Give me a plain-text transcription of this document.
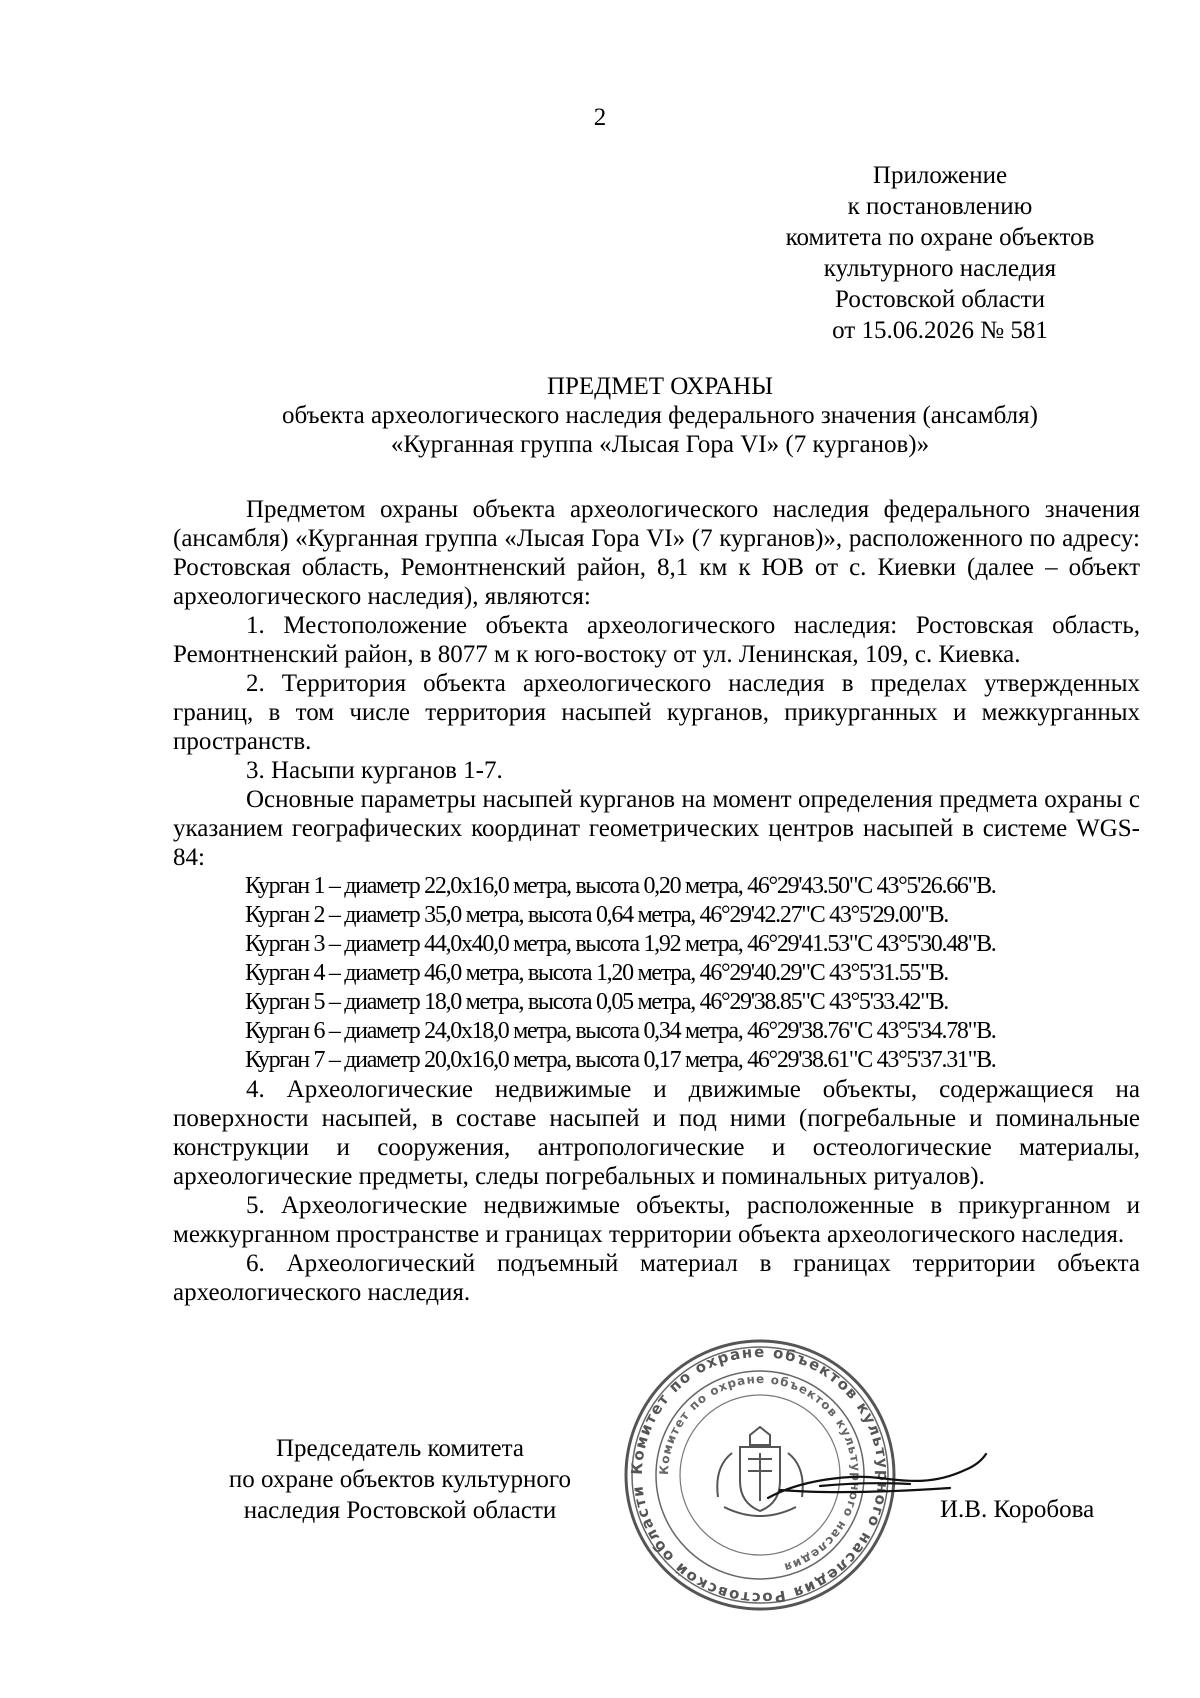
2
Приложение
к постановлению
комитета по охране объектов
культурного наследия
Ростовской области
от 15.06.2026 № 581
ПРЕДМЕТ ОХРАНЫ
объекта археологического наследия федерального значения (ансамбля)
«Курганная группа «Лысая Гора VI» (7 курганов)»

Предметом охраны объекта археологического наследия федерального значения (ансамбля) «Курганная группа «Лысая Гора VI» (7 курганов)», расположенного по адресу: Ростовская область, Ремонтненский район, 8,1 км к ЮВ от с. Киевки (далее – объект археологического наследия), являются:

1. Местоположение объекта археологического наследия: Ростовская область, Ремонтненский район, в 8077 м к юго-востоку от ул. Ленинская, 109, с. Киевка.

2. Территория объекта археологического наследия в пределах утвержденных границ, в том числе территория насыпей курганов, прикурганных и межкурганных пространств.

3. Насыпи курганов 1-7.

Основные параметры насыпей курганов на момент определения предмета охраны с указанием географических координат геометрических центров насыпей в системе WGS-84:

Курган 1 – диаметр 22,0х16,0 метра, высота 0,20 метра, 46°29'43.50"С 43°5'26.66"В.
Курган 2 – диаметр 35,0 метра, высота 0,64 метра, 46°29'42.27"С 43°5'29.00"В.
Курган 3 – диаметр 44,0х40,0 метра, высота 1,92 метра, 46°29'41.53"С 43°5'30.48"В.
Курган 4 – диаметр 46,0 метра, высота 1,20 метра, 46°29'40.29"С 43°5'31.55"В.
Курган 5 – диаметр 18,0 метра, высота 0,05 метра, 46°29'38.85"С 43°5'33.42"В.
Курган 6 – диаметр 24,0х18,0 метра, высота 0,34 метра, 46°29'38.76"С 43°5'34.78"В.
Курган 7 – диаметр 20,0х16,0 метра, высота 0,17 метра, 46°29'38.61"С 43°5'37.31"В.

4. Археологические недвижимые и движимые объекты, содержащиеся на поверхности насыпей, в составе насыпей и под ними (погребальные и поминальные конструкции и сооружения, антропологические и остеологические материалы, археологические предметы, следы погребальных и поминальных ритуалов).

5. Археологические недвижимые объекты, расположенные в прикурганном и межкурганном пространстве и границах территории объекта археологического наследия.

6. Археологический подъемный материал в границах территории объекта археологического наследия.

Председатель комитета
по охране объектов культурного
наследия Ростовской области
Комитет по охране объектов культурного наследия Ростовской области
Комитет по охране объектов культурного наследия
И.В. Коробова
